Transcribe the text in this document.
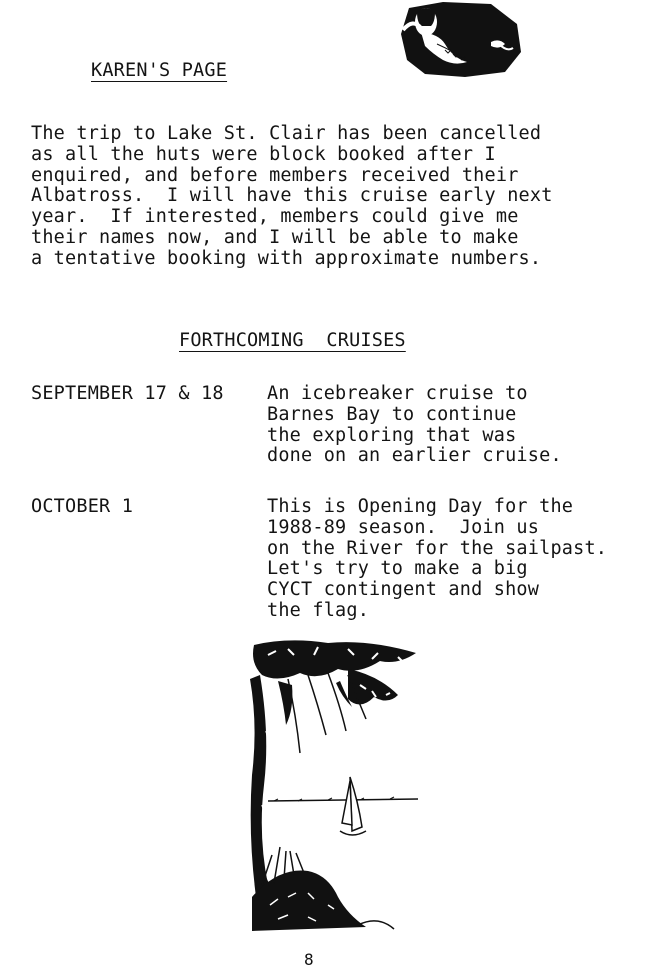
KAREN'S PAGE
The trip to Lake St. Clair has been cancelled
as all the huts were block booked after I
enquired, and before members received their
Albatross.  I will have this cruise early next
year.  If interested, members could give me
their names now, and I will be able to make
a tentative booking with approximate numbers.
FORTHCOMING  CRUISES
SEPTEMBER 17 & 18 An icebreaker cruise to
Barnes Bay to continue
the exploring that was
done on an earlier cruise.
OCTOBER 1	This is Opening Day for the
1988-89 season.  Join us
on the River for the sailpast.
Let's try to make a big
CYCT contingent and show
the flag.
8
